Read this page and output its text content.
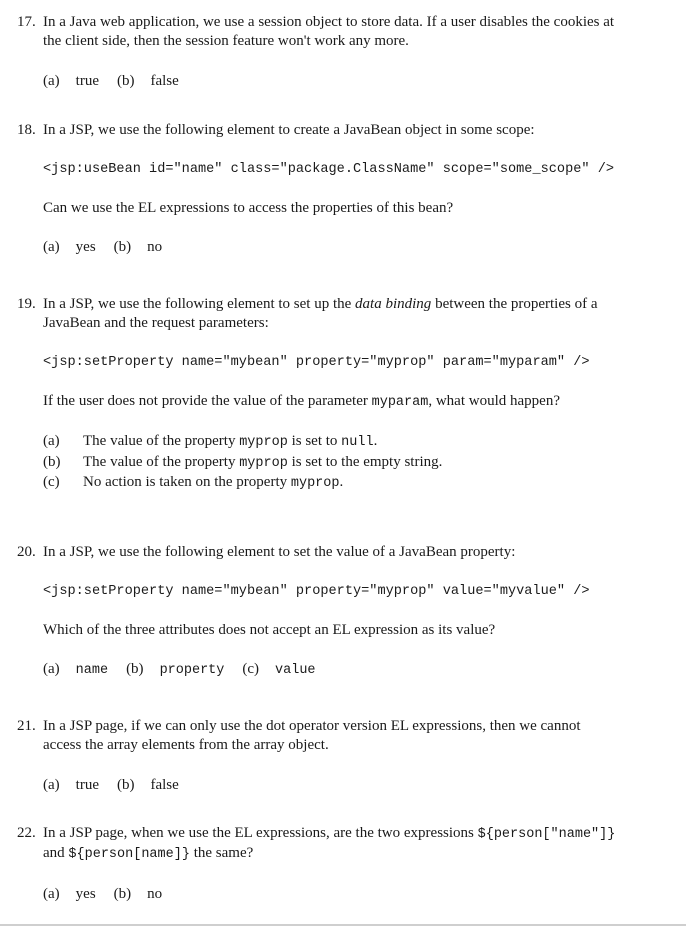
17. In a Java web application, we use a session object to store data. If a user disables the cookies at the client side, then the session feature won't work any more.

(a) true (b) false
18. In a JSP, we use the following element to create a JavaBean object in some scope:

<jsp:useBean id="name" class="package.ClassName" scope="some_scope" />

Can we use the EL expressions to access the properties of this bean?

(a) yes (b) no
19. In a JSP, we use the following element to set up the data binding between the properties of a JavaBean and the request parameters:

<jsp:setProperty name="mybean" property="myprop" param="myparam" />

If the user does not provide the value of the parameter myparam, what would happen?

(a)	The value of the property myprop is set to null.
(b)	The value of the property myprop is set to the empty string.
(c)	No action is taken on the property myprop.
20. In a JSP, we use the following element to set the value of a JavaBean property:

<jsp:setProperty name="mybean" property="myprop" value="myvalue" />

Which of the three attributes does not accept an EL expression as its value?

(a) name (b) property (c) value
21. In a JSP page, if we can only use the dot operator version EL expressions, then we cannot access the array elements from the array object.

(a) true (b) false
22. In a JSP page, when we use the EL expressions, are the two expressions ${person["name"]} and ${person[name]} the same?

(a) yes (b) no
